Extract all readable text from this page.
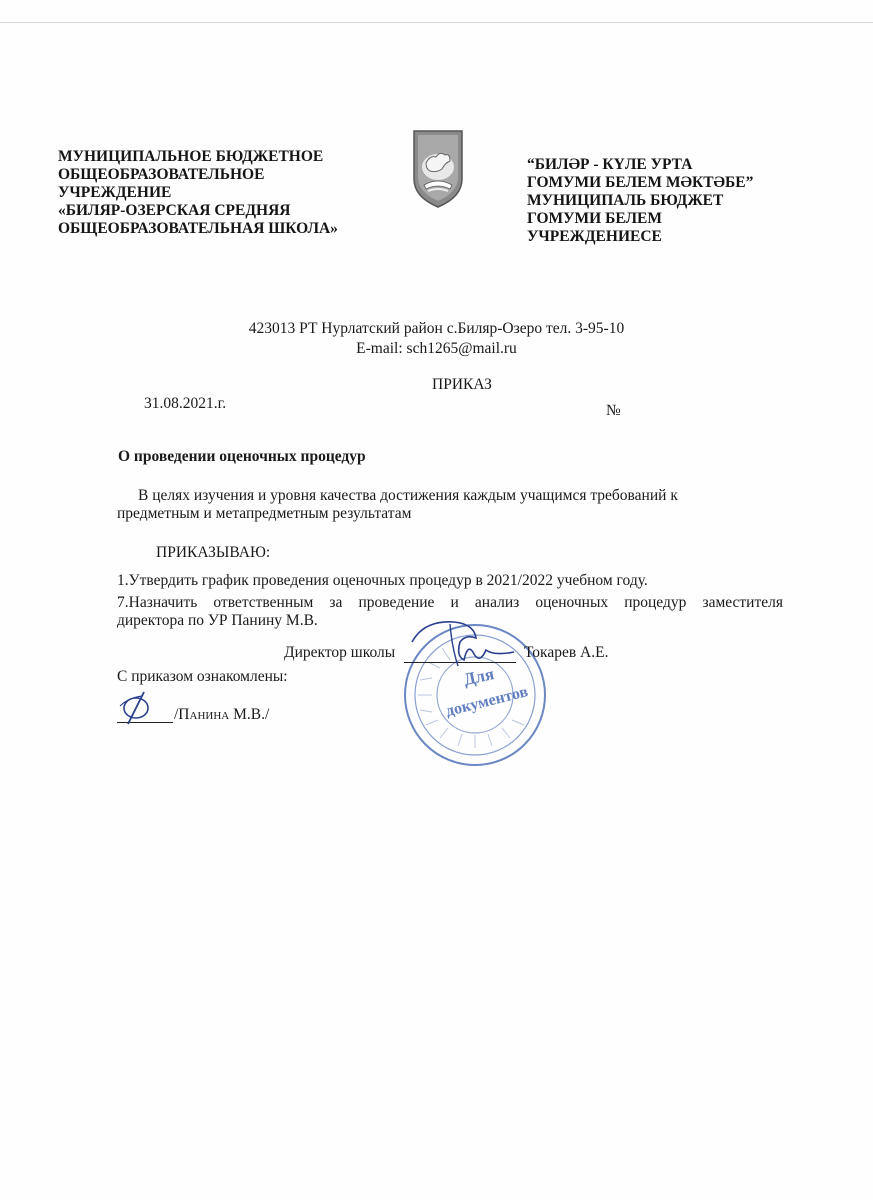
МУНИЦИПАЛЬНОЕ БЮДЖЕТНОЕ
ОБЩЕОБРАЗОВАТЕЛЬНОЕ
УЧРЕЖДЕНИЕ
«БИЛЯР-ОЗЕРСКАЯ СРЕДНЯЯ
ОБЩЕОБРАЗОВАТЕЛЬНАЯ ШКОЛА»
“БИЛӘР - КҮЛЕ УРТА
ГОМУМИ БЕЛЕМ МӘКТӘБЕ”
МУНИЦИПАЛЬ БЮДЖЕТ
ГОМУМИ БЕЛЕМ
УЧРЕЖДЕНИЕСЕ
423013 РТ Нурлатский район с.Биляр-Озеро тел. 3-95-10
E-mail: sch1265@mail.ru
ПРИКАЗ
31.08.2021.г.	№
О проведении оценочных процедур
В целях изучения и уровня качества достижения каждым учащимся требований к
предметным и метапредметным результатам
ПРИКАЗЫВАЮ:
1.Утвердить график проведения оценочных процедур в 2021/2022 учебном году.
7.Назначить ответственным за проведение и анализ оценочных процедур заместителя
директора по УР Панину М.В.
Для
документов
Директор школы	Токарев А.Е.
С приказом ознакомлены:
/Панина М.В./
